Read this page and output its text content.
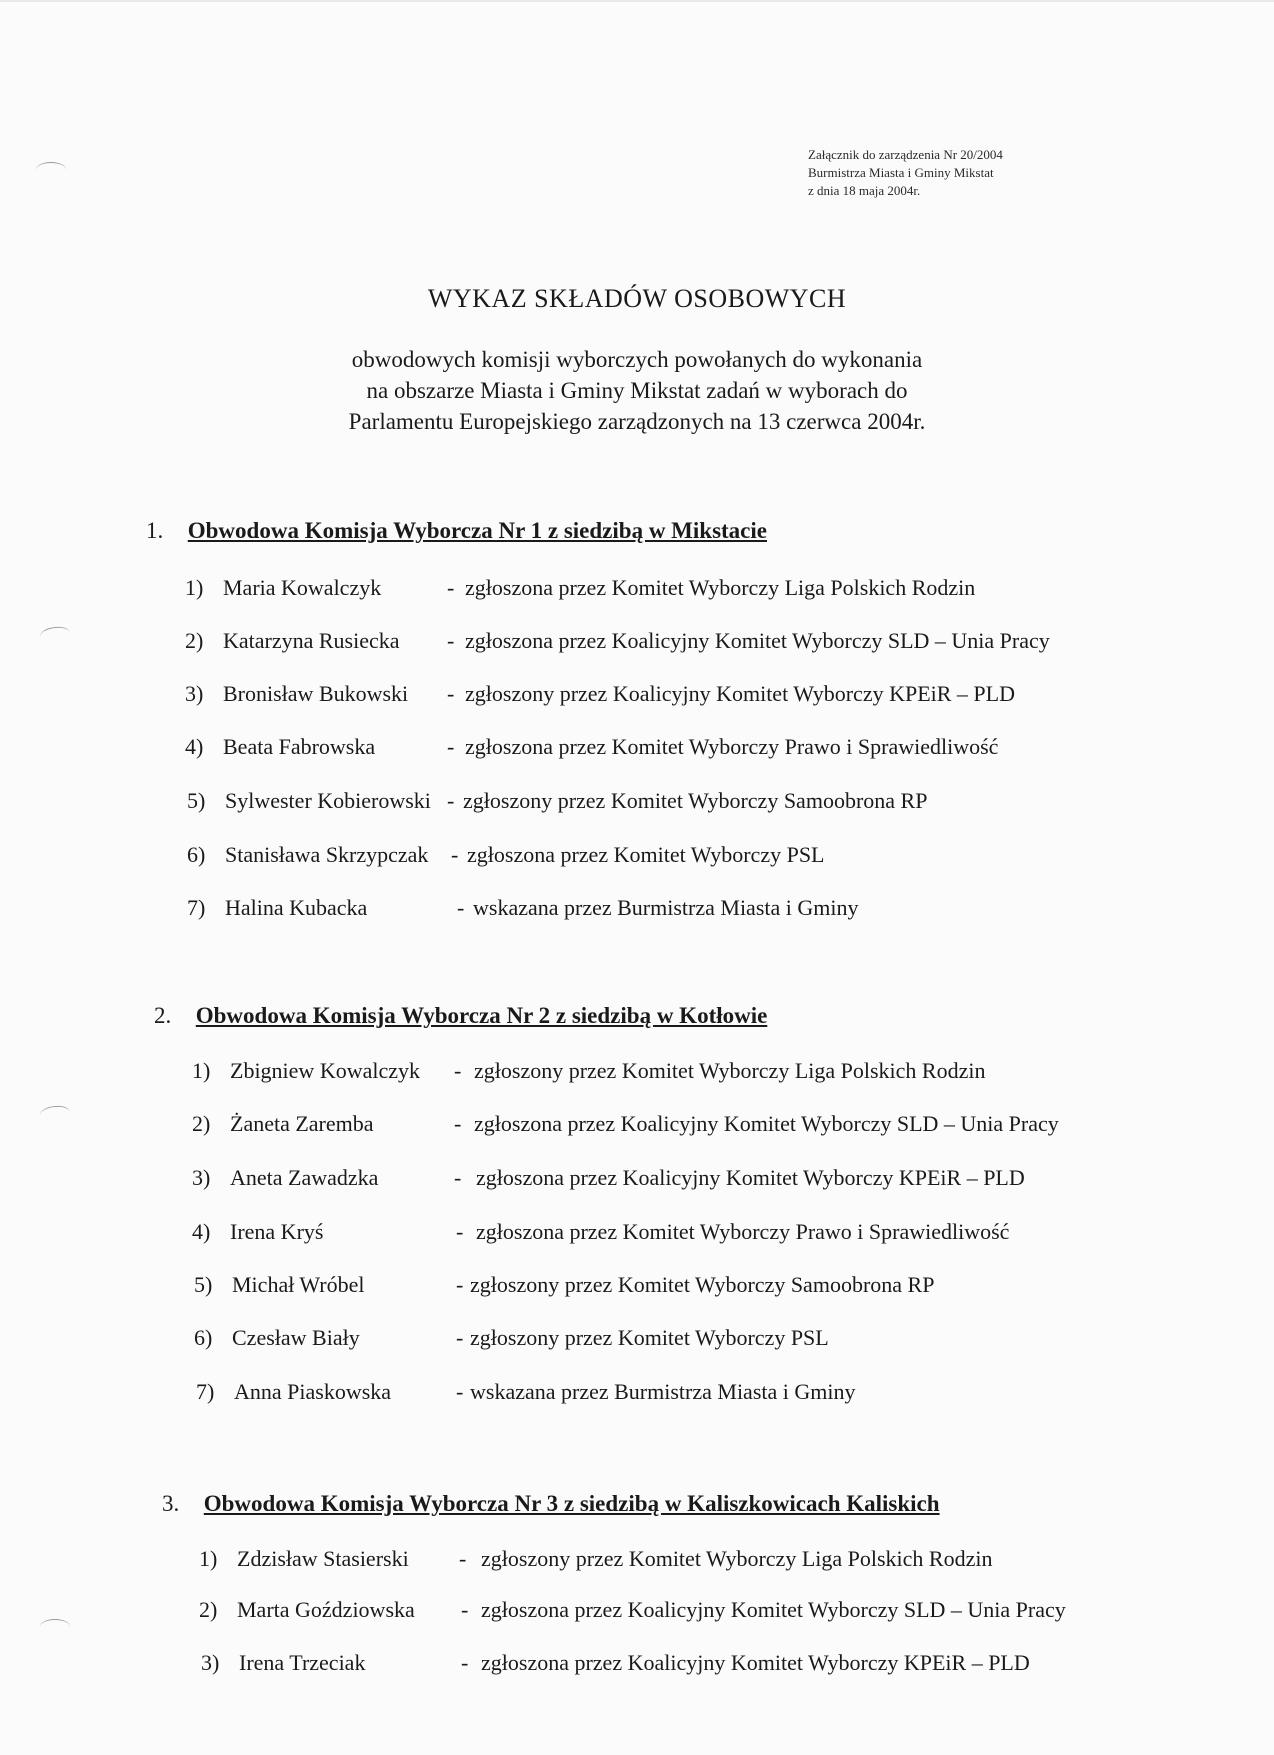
Załącznik do zarządzenia Nr 20/2004
Burmistrza Miasta i Gminy Mikstat
z dnia 18 maja 2004r.
WYKAZ SKŁADÓW OSOBOWYCH
obwodowych komisji wyborczych powołanych do wykonania
na obszarze Miasta i Gminy Mikstat zadań w wyborach do
Parlamentu Europejskiego zarządzonych na 13 czerwca 2004r.
1. Obwodowa Komisja Wyborcza Nr 1 z siedzibą w Mikstacie
1) Maria Kowalczyk	- zgłoszona przez Komitet Wyborczy Liga Polskich Rodzin
2) Katarzyna Rusiecka - zgłoszona przez Koalicyjny Komitet Wyborczy SLD – Unia Pracy
3) Bronisław Bukowski - zgłoszony przez Koalicyjny Komitet Wyborczy KPEiR – PLD
4) Beata Fabrowska	- zgłoszona przez Komitet Wyborczy Prawo i Sprawiedliwość
5) Sylwester Kobierowski - zgłoszony przez Komitet Wyborczy Samoobrona RP
6) Stanisława Skrzypczak - zgłoszona przez Komitet Wyborczy PSL
7) Halina Kubacka	- wskazana przez Burmistrza Miasta i Gminy
2. Obwodowa Komisja Wyborcza Nr 2 z siedzibą w Kotłowie
1) Zbigniew Kowalczyk - zgłoszony przez Komitet Wyborczy Liga Polskich Rodzin
2) Żaneta Zaremba	- zgłoszona przez Koalicyjny Komitet Wyborczy SLD – Unia Pracy
3) Aneta Zawadzka	- zgłoszona przez Koalicyjny Komitet Wyborczy KPEiR – PLD
4) Irena Kryś	- zgłoszona przez Komitet Wyborczy Prawo i Sprawiedliwość
5) Michał Wróbel	- zgłoszony przez Komitet Wyborczy Samoobrona RP
6) Czesław Biały	- zgłoszony przez Komitet Wyborczy PSL
7) Anna Piaskowska	- wskazana przez Burmistrza Miasta i Gminy
3. Obwodowa Komisja Wyborcza Nr 3 z siedzibą w Kaliszkowicach Kaliskich
1) Zdzisław Stasierski - zgłoszony przez Komitet Wyborczy Liga Polskich Rodzin
2) Marta Goździowska - zgłoszona przez Koalicyjny Komitet Wyborczy SLD – Unia Pracy
3) Irena Trzeciak	- zgłoszona przez Koalicyjny Komitet Wyborczy KPEiR – PLD
